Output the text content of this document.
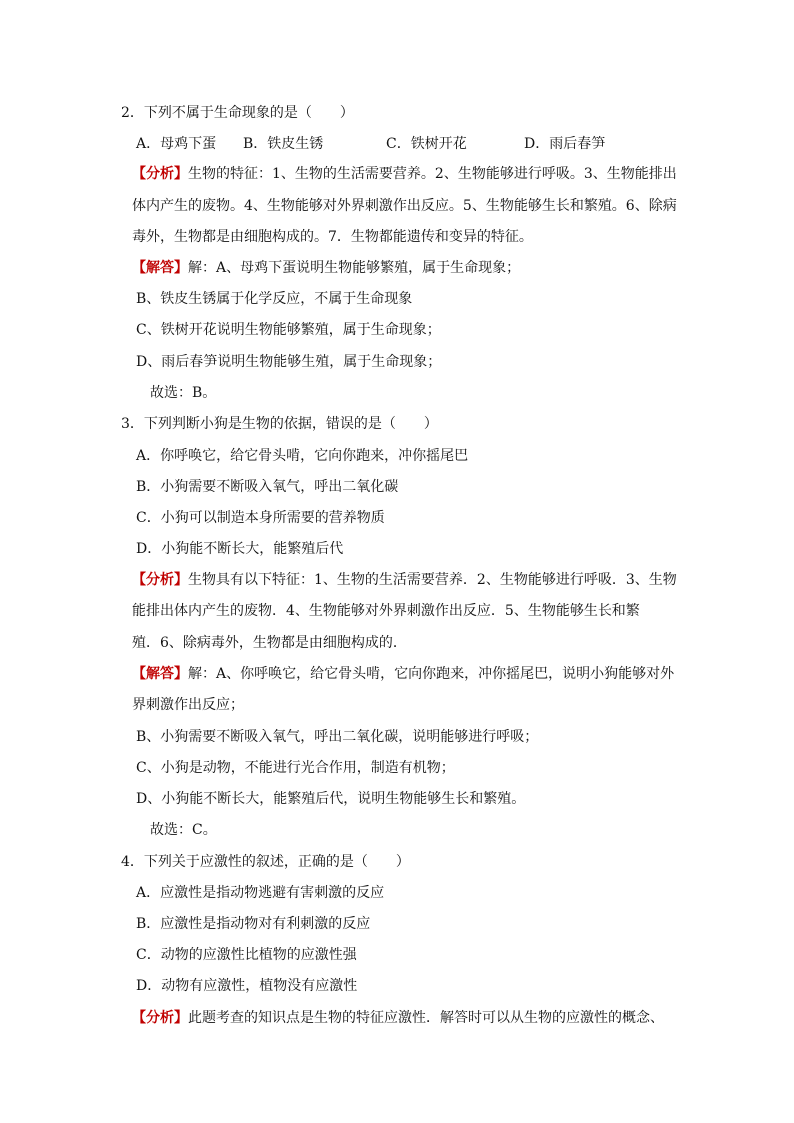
2．下列不属于生命现象的是（　　）
A．母鸡下蛋 B．铁皮生锈	C．铁树开花	D．雨后春笋
【分析】生物的特征：1、生物的生活需要营养。2、生物能够进行呼吸。3、生物能排出
体内产生的废物。4、生物能够对外界刺激作出反应。5、生物能够生长和繁殖。6、除病
毒外，生物都是由细胞构成的。7．生物都能遗传和变异的特征。
【解答】解：A、母鸡下蛋说明生物能够繁殖，属于生命现象；
B、铁皮生锈属于化学反应，不属于生命现象
C、铁树开花说明生物能够繁殖，属于生命现象；
D、雨后春笋说明生物能够生殖，属于生命现象；
故选：B。
3．下列判断小狗是生物的依据，错误的是（　　）
A．你呼唤它，给它骨头啃，它向你跑来，冲你摇尾巴
B．小狗需要不断吸入氧气，呼出二氧化碳
C．小狗可以制造本身所需要的营养物质
D．小狗能不断长大，能繁殖后代
【分析】生物具有以下特征：1、生物的生活需要营养．2、生物能够进行呼吸．3、生物
能排出体内产生的废物．4、生物能够对外界刺激作出反应．5、生物能够生长和繁
殖．6、除病毒外，生物都是由细胞构成的．
【解答】解：A、你呼唤它，给它骨头啃，它向你跑来，冲你摇尾巴，说明小狗能够对外
界刺激作出反应；
B、小狗需要不断吸入氧气，呼出二氧化碳，说明能够进行呼吸；
C、小狗是动物，不能进行光合作用，制造有机物；
D、小狗能不断长大，能繁殖后代，说明生物能够生长和繁殖。
故选：C。
4．下列关于应激性的叙述，正确的是（　　）
A．应激性是指动物逃避有害刺激的反应
B．应激性是指动物对有利刺激的反应
C．动物的应激性比植物的应激性强
D．动物有应激性，植物没有应激性
【分析】此题考查的知识点是生物的特征应激性．解答时可以从生物的应激性的概念、
